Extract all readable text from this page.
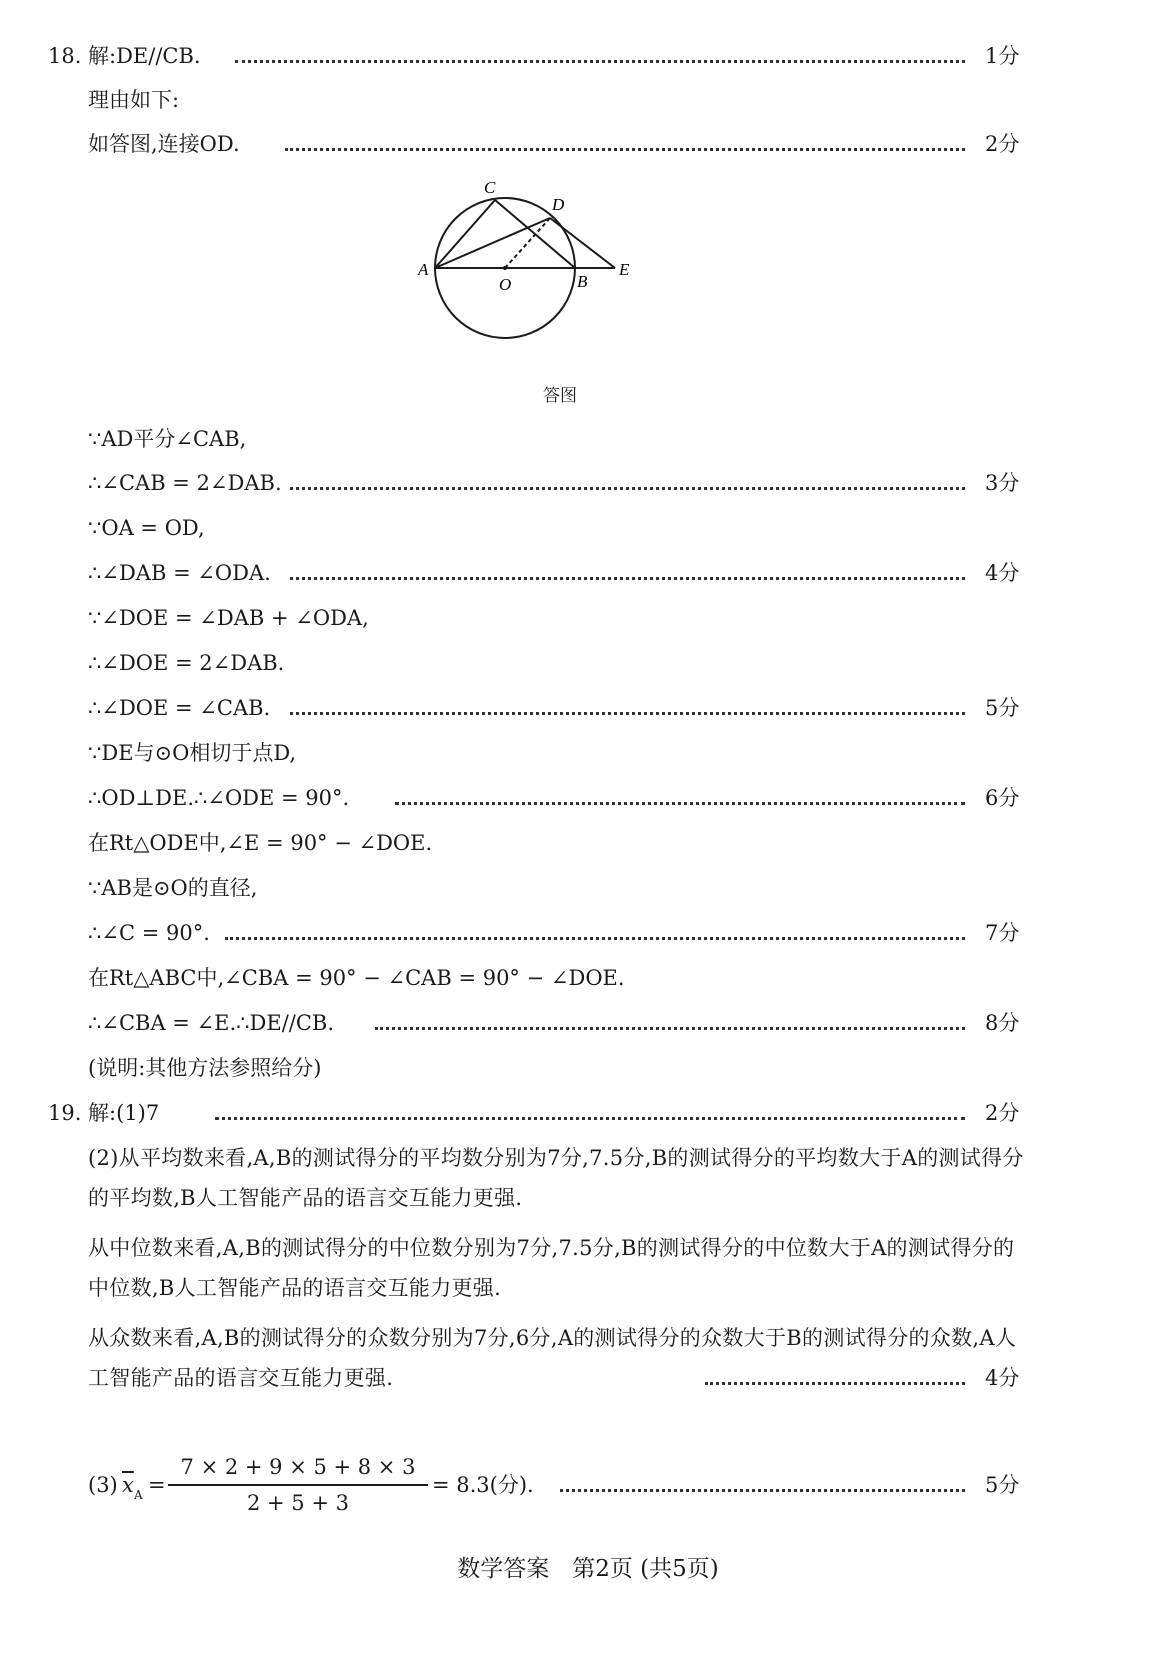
18. 解:DE//CB.	1分
理由如下:
如答图,连接OD.	2分
C
D
A
O	B
E
答图
∵AD平分∠CAB,
∴∠CAB = 2∠DAB.	3分
∵OA = OD,
∴∠DAB = ∠ODA.	4分
∵∠DOE = ∠DAB + ∠ODA,
∴∠DOE = 2∠DAB.
∴∠DOE = ∠CAB.	5分
∵DE与⊙O相切于点D,
∴OD⊥DE.∴∠ODE = 90°.	6分
在Rt△ODE中,∠E = 90° − ∠DOE.
∵AB是⊙O的直径,
∴∠C = 90°.	7分
在Rt△ABC中,∠CBA = 90° − ∠CAB = 90° − ∠DOE.
∴∠CBA = ∠E.∴DE//CB.	8分
(说明:其他方法参照给分)
19. 解:(1)7	2分
(2)从平均数来看,A,B的测试得分的平均数分别为7分,7.5分,B的测试得分的平均数大于A的测试得分的平均数,B人工智能产品的语言交互能力更强.
从中位数来看,A,B的测试得分的中位数分别为7分,7.5分,B的测试得分的中位数大于A的测试得分的中位数,B人工智能产品的语言交互能力更强.
从众数来看,A,B的测试得分的众数分别为7分,6分,A的测试得分的众数大于B的测试得分的众数,A人工智能产品的语言交互能力更强.	4分
(3) $\overline{x}$ A =	= 8.3(分).	5分
7 × 2 + 9 × 5 + 8 × 3
2 + 5 + 3
数学答案　第2页 (共5页)
